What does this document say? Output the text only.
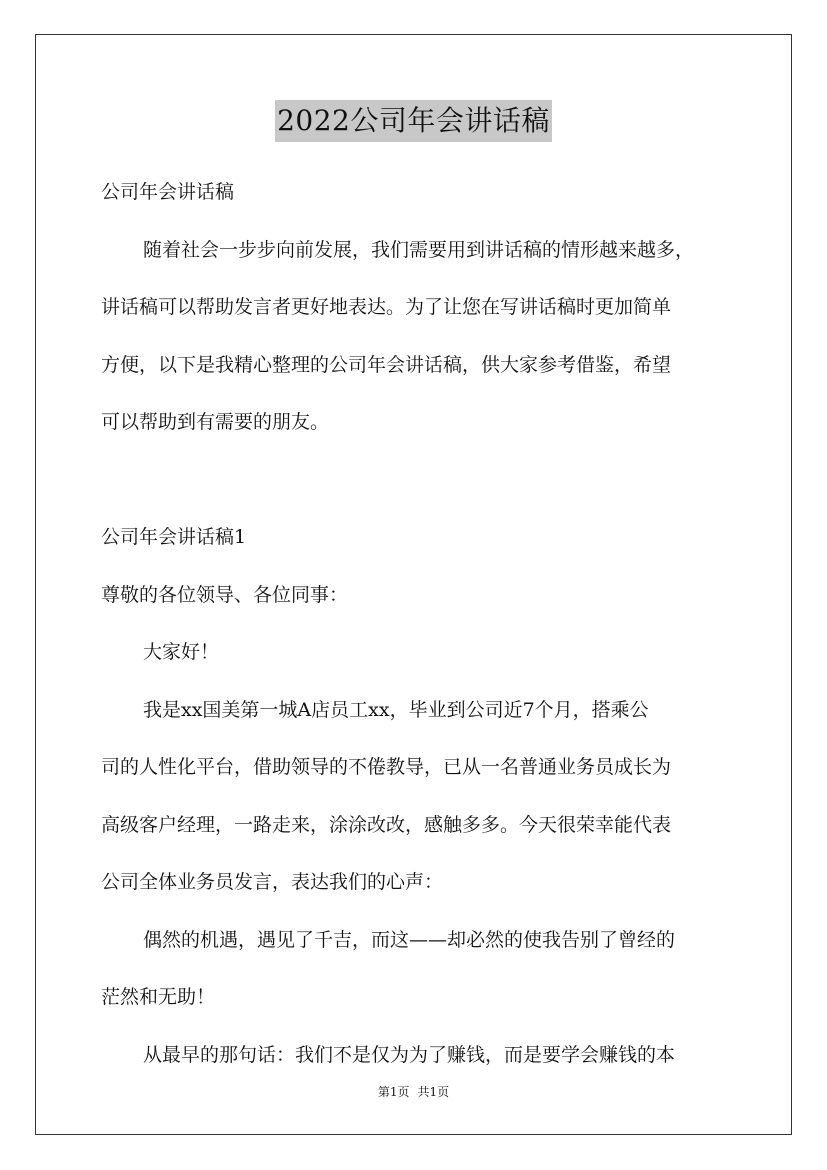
2022公司年会讲话稿
公司年会讲话稿
随着社会一步步向前发展，我们需要用到讲话稿的情形越来越多，
讲话稿可以帮助发言者更好地表达。为了让您在写讲话稿时更加简单
方便，以下是我精心整理的公司年会讲话稿，供大家参考借鉴，希望
可以帮助到有需要的朋友。
公司年会讲话稿1
尊敬的各位领导、各位同事：
大家好！
我是xx国美第一城A店员工xx，毕业到公司近7个月，搭乘公
司的人性化平台，借助领导的不倦教导，已从一名普通业务员成长为
高级客户经理，一路走来，涂涂改改，感触多多。今天很荣幸能代表
公司全体业务员发言，表达我们的心声：
偶然的机遇，遇见了千吉，而这——却必然的使我告别了曾经的
茫然和无助！
从最早的那句话：我们不是仅为为了赚钱，而是要学会赚钱的本
第1页 共1页
